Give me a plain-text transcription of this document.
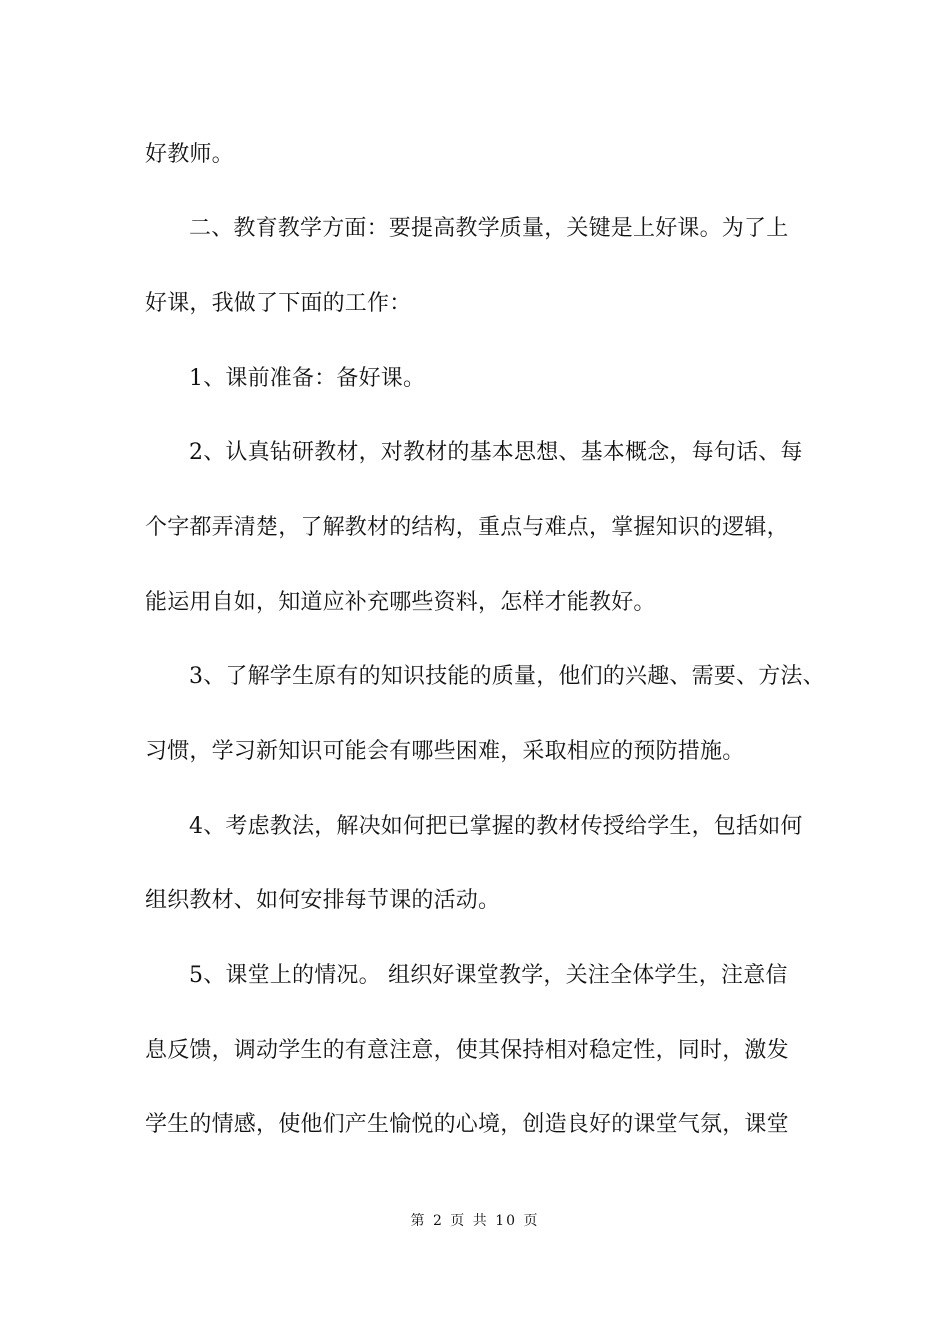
好教师。
二、教育教学方面：要提高教学质量，关键是上好课。为了上
好课，我做了下面的工作：
1、课前准备：备好课。
2、认真钻研教材，对教材的基本思想、基本概念，每句话、每
个字都弄清楚，了解教材的结构，重点与难点，掌握知识的逻辑，
能运用自如，知道应补充哪些资料，怎样才能教好。
3、了解学生原有的知识技能的质量，他们的兴趣、需要、方法、
习惯，学习新知识可能会有哪些困难，采取相应的预防措施。
4、考虑教法，解决如何把已掌握的教材传授给学生，包括如何
组织教材、如何安排每节课的活动。
5、课堂上的情况。 组织好课堂教学，关注全体学生，注意信
息反馈，调动学生的有意注意，使其保持相对稳定性，同时，激发
学生的情感，使他们产生愉悦的心境，创造良好的课堂气氛，课堂
第 2 页 共 10 页
